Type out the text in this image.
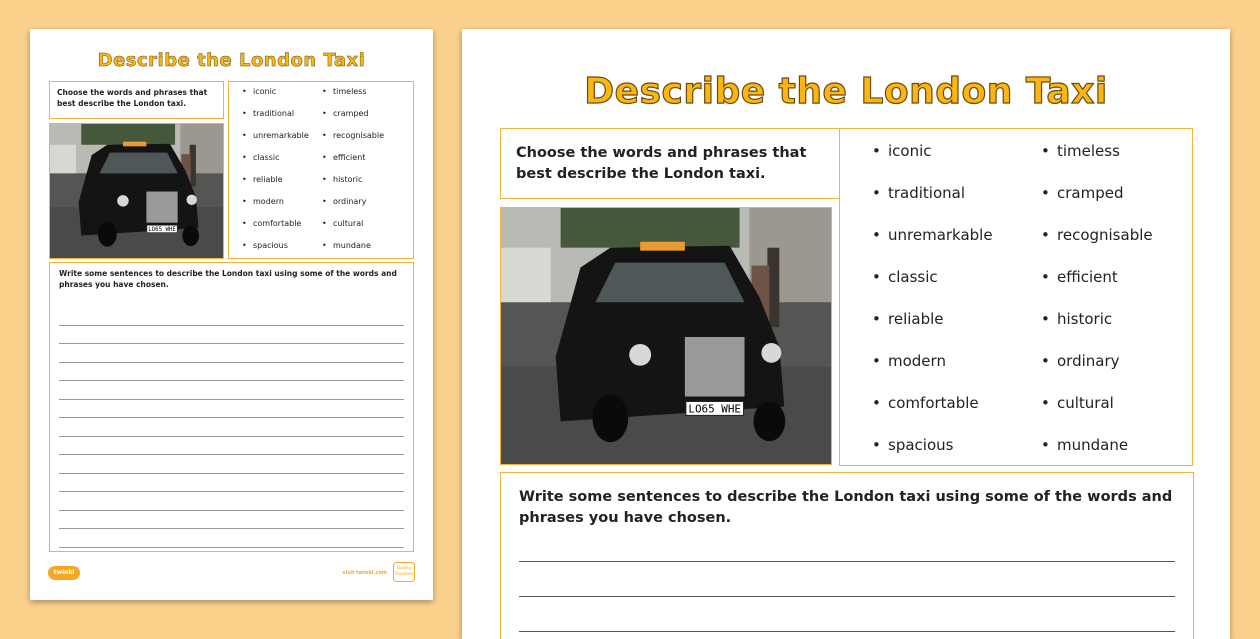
Describe the London Taxi
Choose the words and phrases that best describe the London taxi.
LO65 WHE
• iconic
• traditional
• unremarkable
• classic
• reliable
• modern
• comfortable
• spacious
• timeless
• cramped
• recognisable
• efficient
• historic
• ordinary
• cultural
• mundane
Write some sentences to describe the London taxi using some of the words and phrases you have chosen.
twinkl	visit twinkl.com
Quality Standard
Describe the London Taxi
Choose the words and phrases that best describe the London taxi.
LO65 WHE
• iconic
• traditional
• unremarkable
• classic
• reliable
• modern
• comfortable
• spacious
• timeless
• cramped
• recognisable
• efficient
• historic
• ordinary
• cultural
• mundane
Write some sentences to describe the London taxi using some of the words and phrases you have chosen.
